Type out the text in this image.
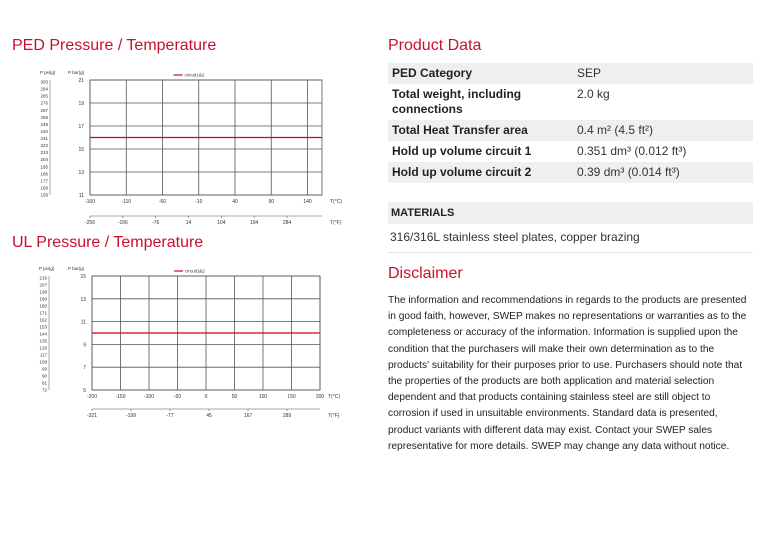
PED Pressure / Temperature
-160	-110	-60	-10	40	90	140	T(°C)
-256	-166	-76	14	104	194	284	T(°F)
21
19
17
15
13
11
P psi(g)	P bar(g)
303
294
285
276
267
258
249
240
231
222
213
204
195
186
177
168
159
circuit1&2
UL Pressure / Temperature
-200	-150	-100	-50	0	50	100	150	200 T(°C)
-321	-199	-77	45	167	289	T(°F)
15
13
11
9
7
5
P psi(g)	P bar(g)
216
207
198
189
180
171
162
153
144
135
126
117
108
99
90
81
72
circuit1&2
Product Data
PED Category	SEP
Total weight, including connections
2.0 kg
Total Heat Transfer area	0.4 m² (4.5 ft²)
Hold up volume circuit 1	0.351 dm³ (0.012 ft³)
Hold up volume circuit 2	0.39 dm³ (0.014 ft³)
MATERIALS
316/316L stainless steel plates, copper brazing
Disclaimer
The information and recommendations in regards to the products are presented
in good faith, however, SWEP makes no representations or warranties as to the
completeness or accuracy of the information. Information is supplied upon the
condition that the purchasers will make their own determination as to the
products' suitability for their purposes prior to use. Purchasers should note that
the properties of the products are both application and material selection
dependent and that products containing stainless steel are still object to
corrosion if used in unsuitable environments. Standard data is presented,
product variants with different data may exist. Contact your SWEP sales
representative for more details. SWEP may change any data without notice.
